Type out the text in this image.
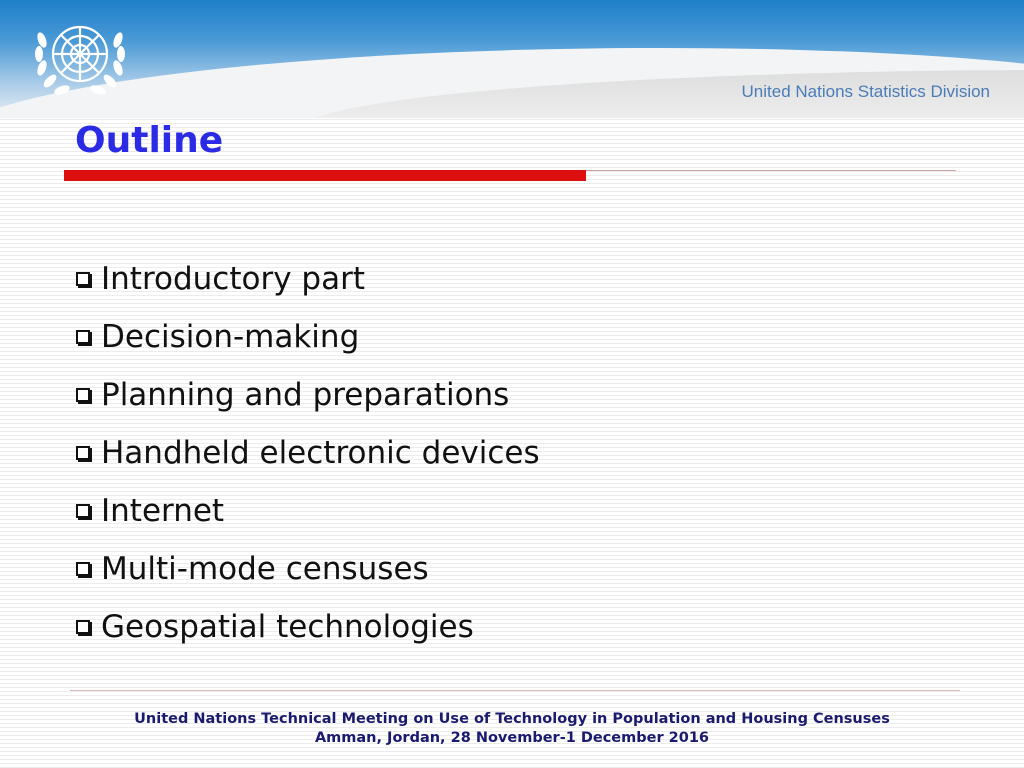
United Nations Statistics Division
Outline
Introductory part
Decision-making
Planning and preparations
Handheld electronic devices
Internet
Multi-mode censuses
Geospatial technologies
United Nations Technical Meeting on Use of Technology in Population and Housing Censuses
Amman, Jordan, 28 November-1 December 2016
